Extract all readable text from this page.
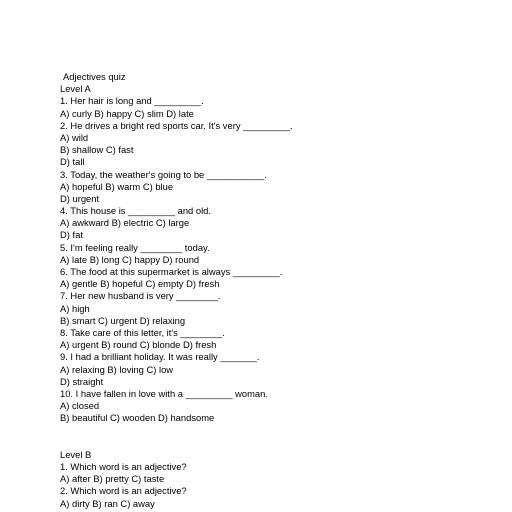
Adjectives quiz
Level A
1. Her hair is long and _________.
A) curly B) happy C) slim D) late
2. He drives a bright red sports car. It's very _________.
A) wild
B) shallow C) fast
D) tall
3. Today, the weather's going to be ___________.
A) hopeful B) warm C) blue
D) urgent
4. This house is _________ and old.
A) awkward B) electric C) large
D) fat
5. I'm feeling really ________ today.
A) late B) long C) happy D) round
6. The food at this supermarket is always _________.
A) gentle B) hopeful C) empty D) fresh
7. Her new husband is very ________.
A) high
B) smart C) urgent D) relaxing
8. Take care of this letter, it's ________.
A) urgent B) round C) blonde D) fresh
9. I had a brilliant holiday. It was really _______.
A) relaxing B) loving C) low
D) straight
10. I have fallen in love with a _________ woman.
A) closed
B) beautiful C) wooden D) handsome
Level B
1. Which word is an adjective?
A) after B) pretty C) taste
2. Which word is an adjective?
A) dirty B) ran C) away
